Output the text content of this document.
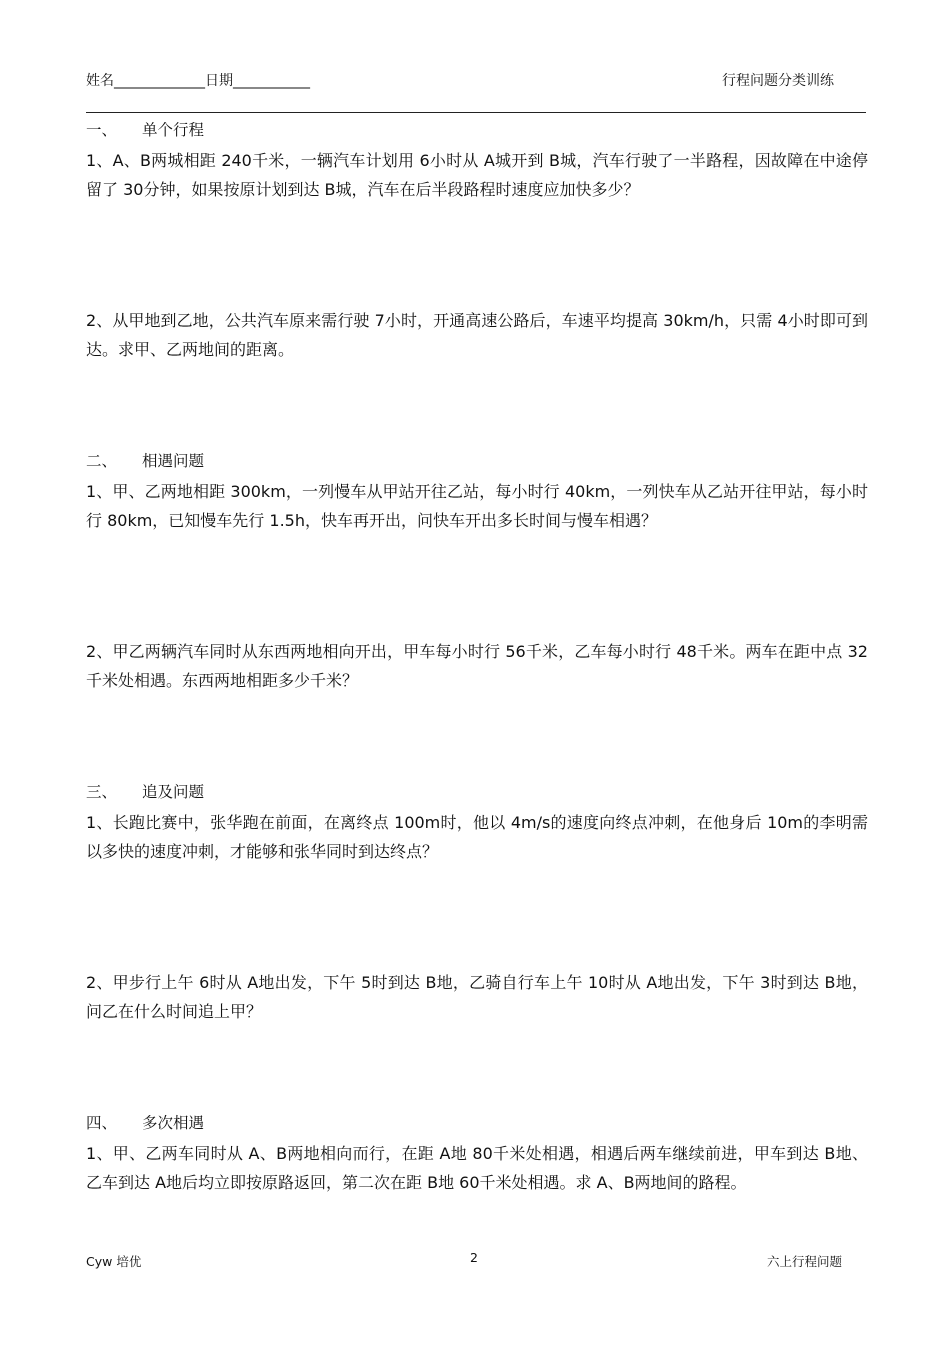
姓名_____________日期___________	行程问题分类训练
一、	单个行程
1、A、B两城相距 240千米，一辆汽车计划用 6小时从 A城开到 B城，汽车行驶了一半路程，因故障在中途停留了 30分钟，如果按原计划到达 B城，汽车在后半段路程时速度应加快多少？
2、从甲地到乙地，公共汽车原来需行驶 7小时，开通高速公路后，车速平均提高 30km/h，只需 4小时即可到达。求甲、乙两地间的距离。
二、	相遇问题
1、甲、乙两地相距 300km，一列慢车从甲站开往乙站，每小时行 40km，一列快车从乙站开往甲站，每小时行 80km，已知慢车先行 1.5h，快车再开出，问快车开出多长时间与慢车相遇？
2、甲乙两辆汽车同时从东西两地相向开出，甲车每小时行 56千米，乙车每小时行 48千米。两车在距中点 32千米处相遇。东西两地相距多少千米？
三、	追及问题
1、长跑比赛中，张华跑在前面，在离终点 100m时，他以 4m/s的速度向终点冲刺，在他身后 10m的李明需以多快的速度冲刺，才能够和张华同时到达终点？
2、甲步行上午 6时从 A地出发，下午 5时到达 B地，乙骑自行车上午 10时从 A地出发，下午 3时到达 B地，问乙在什么时间追上甲？
四、	多次相遇
1、甲、乙两车同时从 A、B两地相向而行，在距 A地 80千米处相遇，相遇后两车继续前进，甲车到达 B地、乙车到达 A地后均立即按原路返回，第二次在距 B地 60千米处相遇。求 A、B两地间的路程。
Cyw 培优	2	六上行程问题
